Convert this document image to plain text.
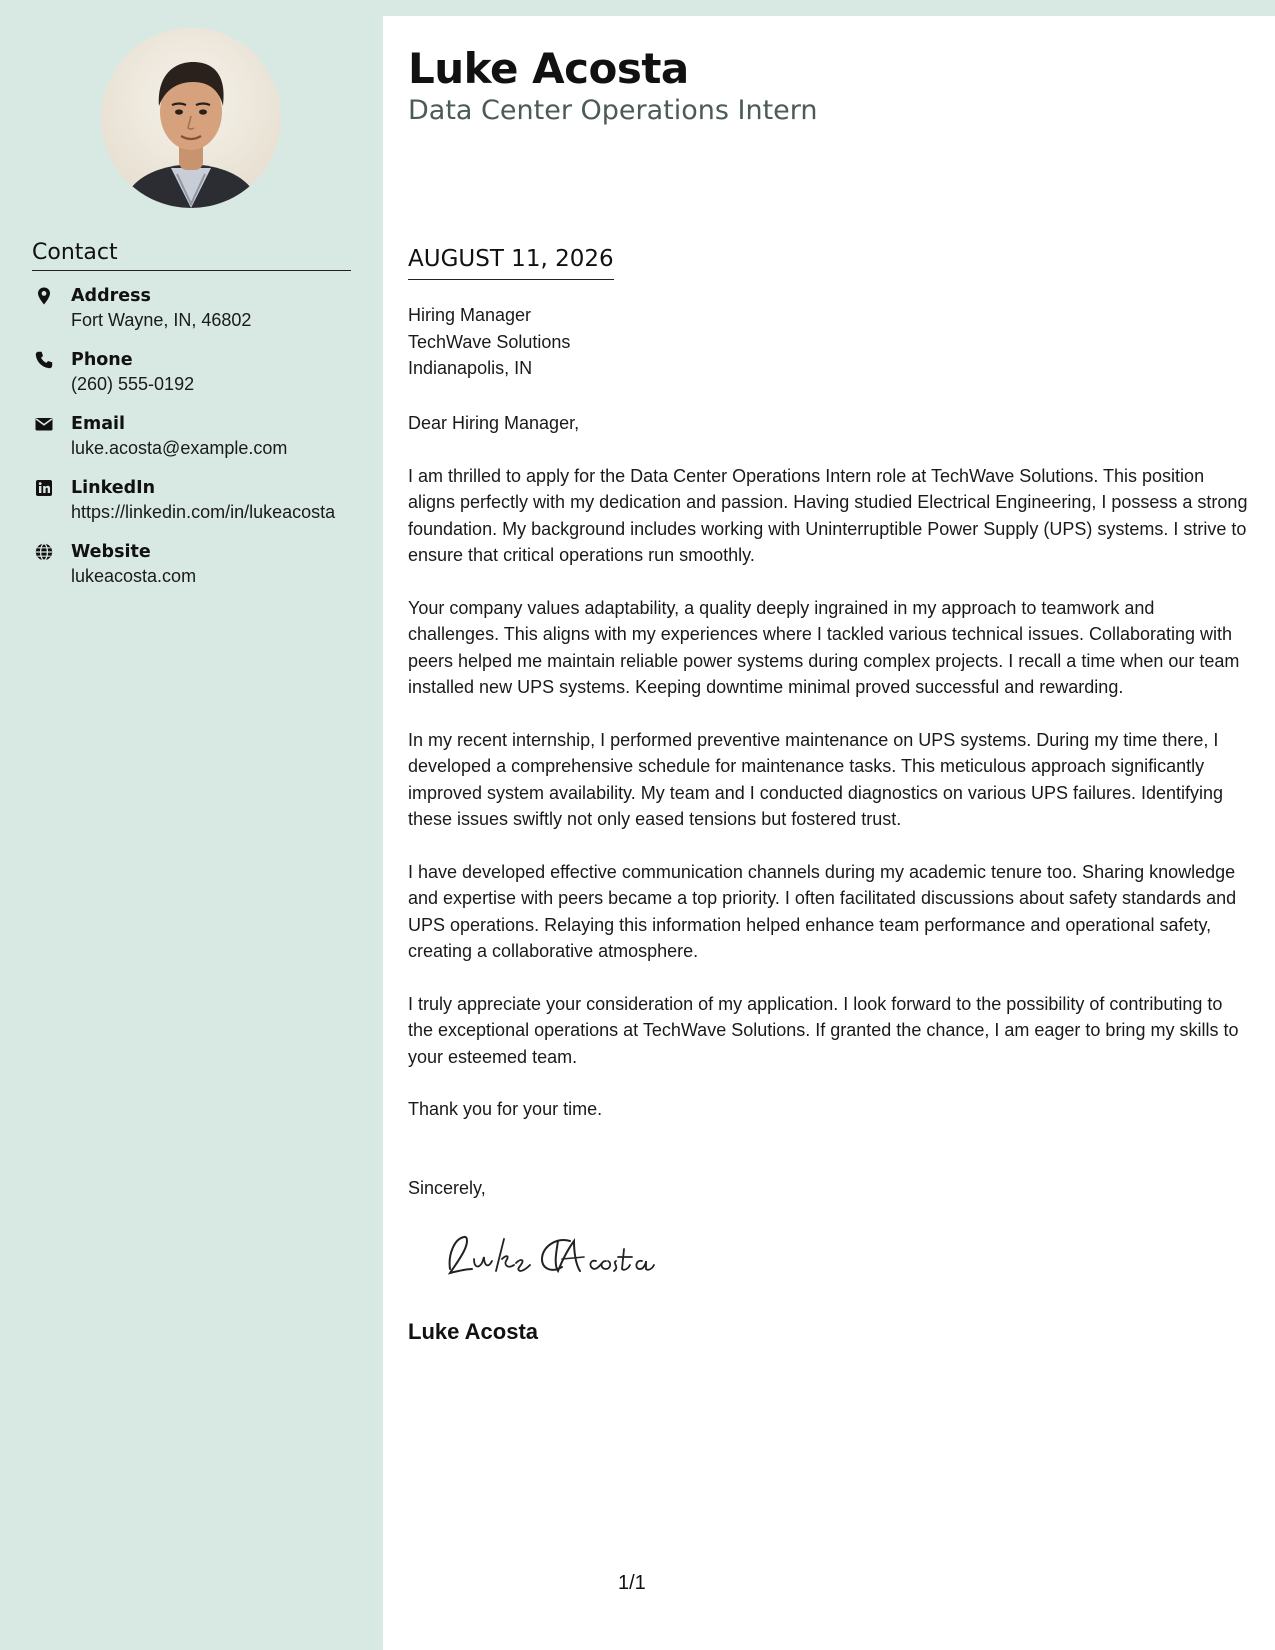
Contact
Address
Fort Wayne, IN, 46802
Phone
(260) 555-0192
Email
luke.acosta@example.com
LinkedIn
https://linkedin.com/in/lukeacosta
Website
lukeacosta.com
Luke Acosta
Data Center Operations Intern
AUGUST 11, 2026
Hiring Manager
TechWave Solutions
Indianapolis, IN

Dear Hiring Manager,

I am thrilled to apply for the Data Center Operations Intern role at TechWave Solutions. This position aligns perfectly with my dedication and passion. Having studied Electrical Engineering, I possess a strong foundation. My background includes working with Uninterruptible Power Supply (UPS) systems. I strive to ensure that critical operations run smoothly.

Your company values adaptability, a quality deeply ingrained in my approach to teamwork and challenges. This aligns with my experiences where I tackled various technical issues. Collaborating with peers helped me maintain reliable power systems during complex projects. I recall a time when our team installed new UPS systems. Keeping downtime minimal proved successful and rewarding.

In my recent internship, I performed preventive maintenance on UPS systems. During my time there, I developed a comprehensive schedule for maintenance tasks. This meticulous approach significantly improved system availability. My team and I conducted diagnostics on various UPS failures. Identifying these issues swiftly not only eased tensions but fostered trust.

I have developed effective communication channels during my academic tenure too. Sharing knowledge and expertise with peers became a top priority. I often facilitated discussions about safety standards and UPS operations. Relaying this information helped enhance team performance and operational safety, creating a collaborative atmosphere.

I truly appreciate your consideration of my application. I look forward to the possibility of contributing to the exceptional operations at TechWave Solutions. If granted the chance, I am eager to bring my skills to your esteemed team.

Thank you for your time.

Sincerely,
Luke Acosta
1/1
